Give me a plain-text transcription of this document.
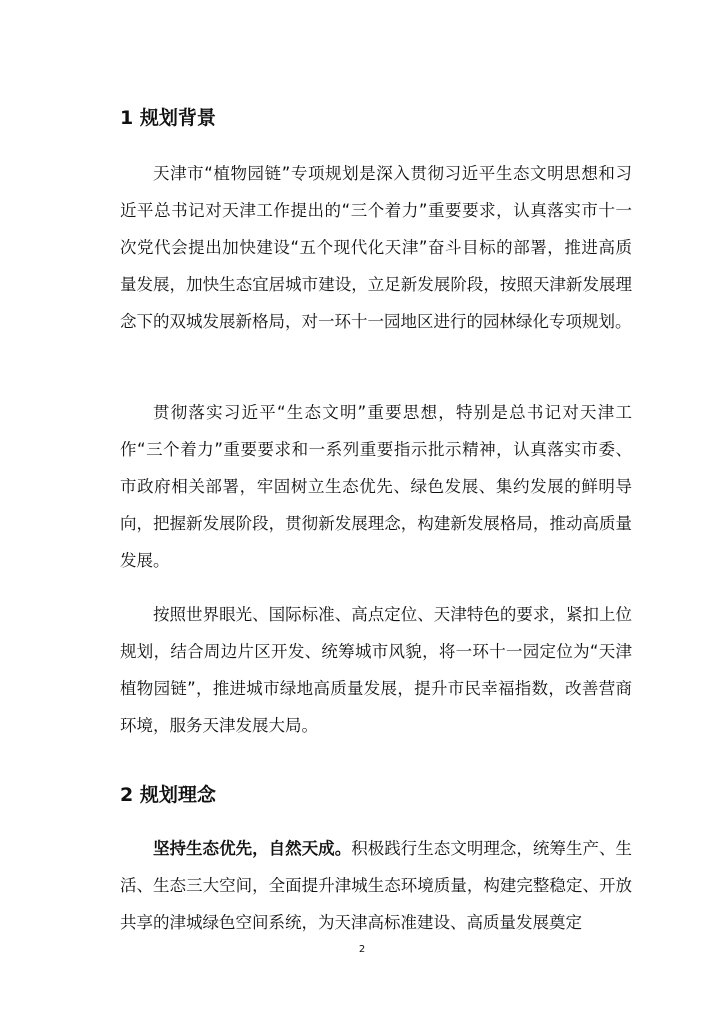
1 规划背景

天津市“植物园链”专项规划是深入贯彻习近平生态文明思想和习近平总书记对天津工作提出的“三个着力”重要要求，认真落实市十一次党代会提出加快建设“五个现代化天津”奋斗目标的部署，推进高质量发展，加快生态宜居城市建设，立足新发展阶段，按照天津新发展理念下的双城发展新格局，对一环十一园地区进行的园林绿化专项规划。

贯彻落实习近平“生态文明”重要思想，特别是总书记对天津工作“三个着力”重要要求和一系列重要指示批示精神，认真落实市委、市政府相关部署，牢固树立生态优先、绿色发展、集约发展的鲜明导向，把握新发展阶段，贯彻新发展理念，构建新发展格局，推动高质量发展。

按照世界眼光、国际标准、高点定位、天津特色的要求，紧扣上位规划，结合周边片区开发、统筹城市风貌，将一环十一园定位为“天津植物园链”，推进城市绿地高质量发展，提升市民幸福指数，改善营商环境，服务天津发展大局。

2 规划理念

坚持生态优先，自然天成。积极践行生态文明理念，统筹生产、生活、生态三大空间，全面提升津城生态环境质量，构建完整稳定、开放共享的津城绿色空间系统，为天津高标准建设、高质量发展奠定

2
